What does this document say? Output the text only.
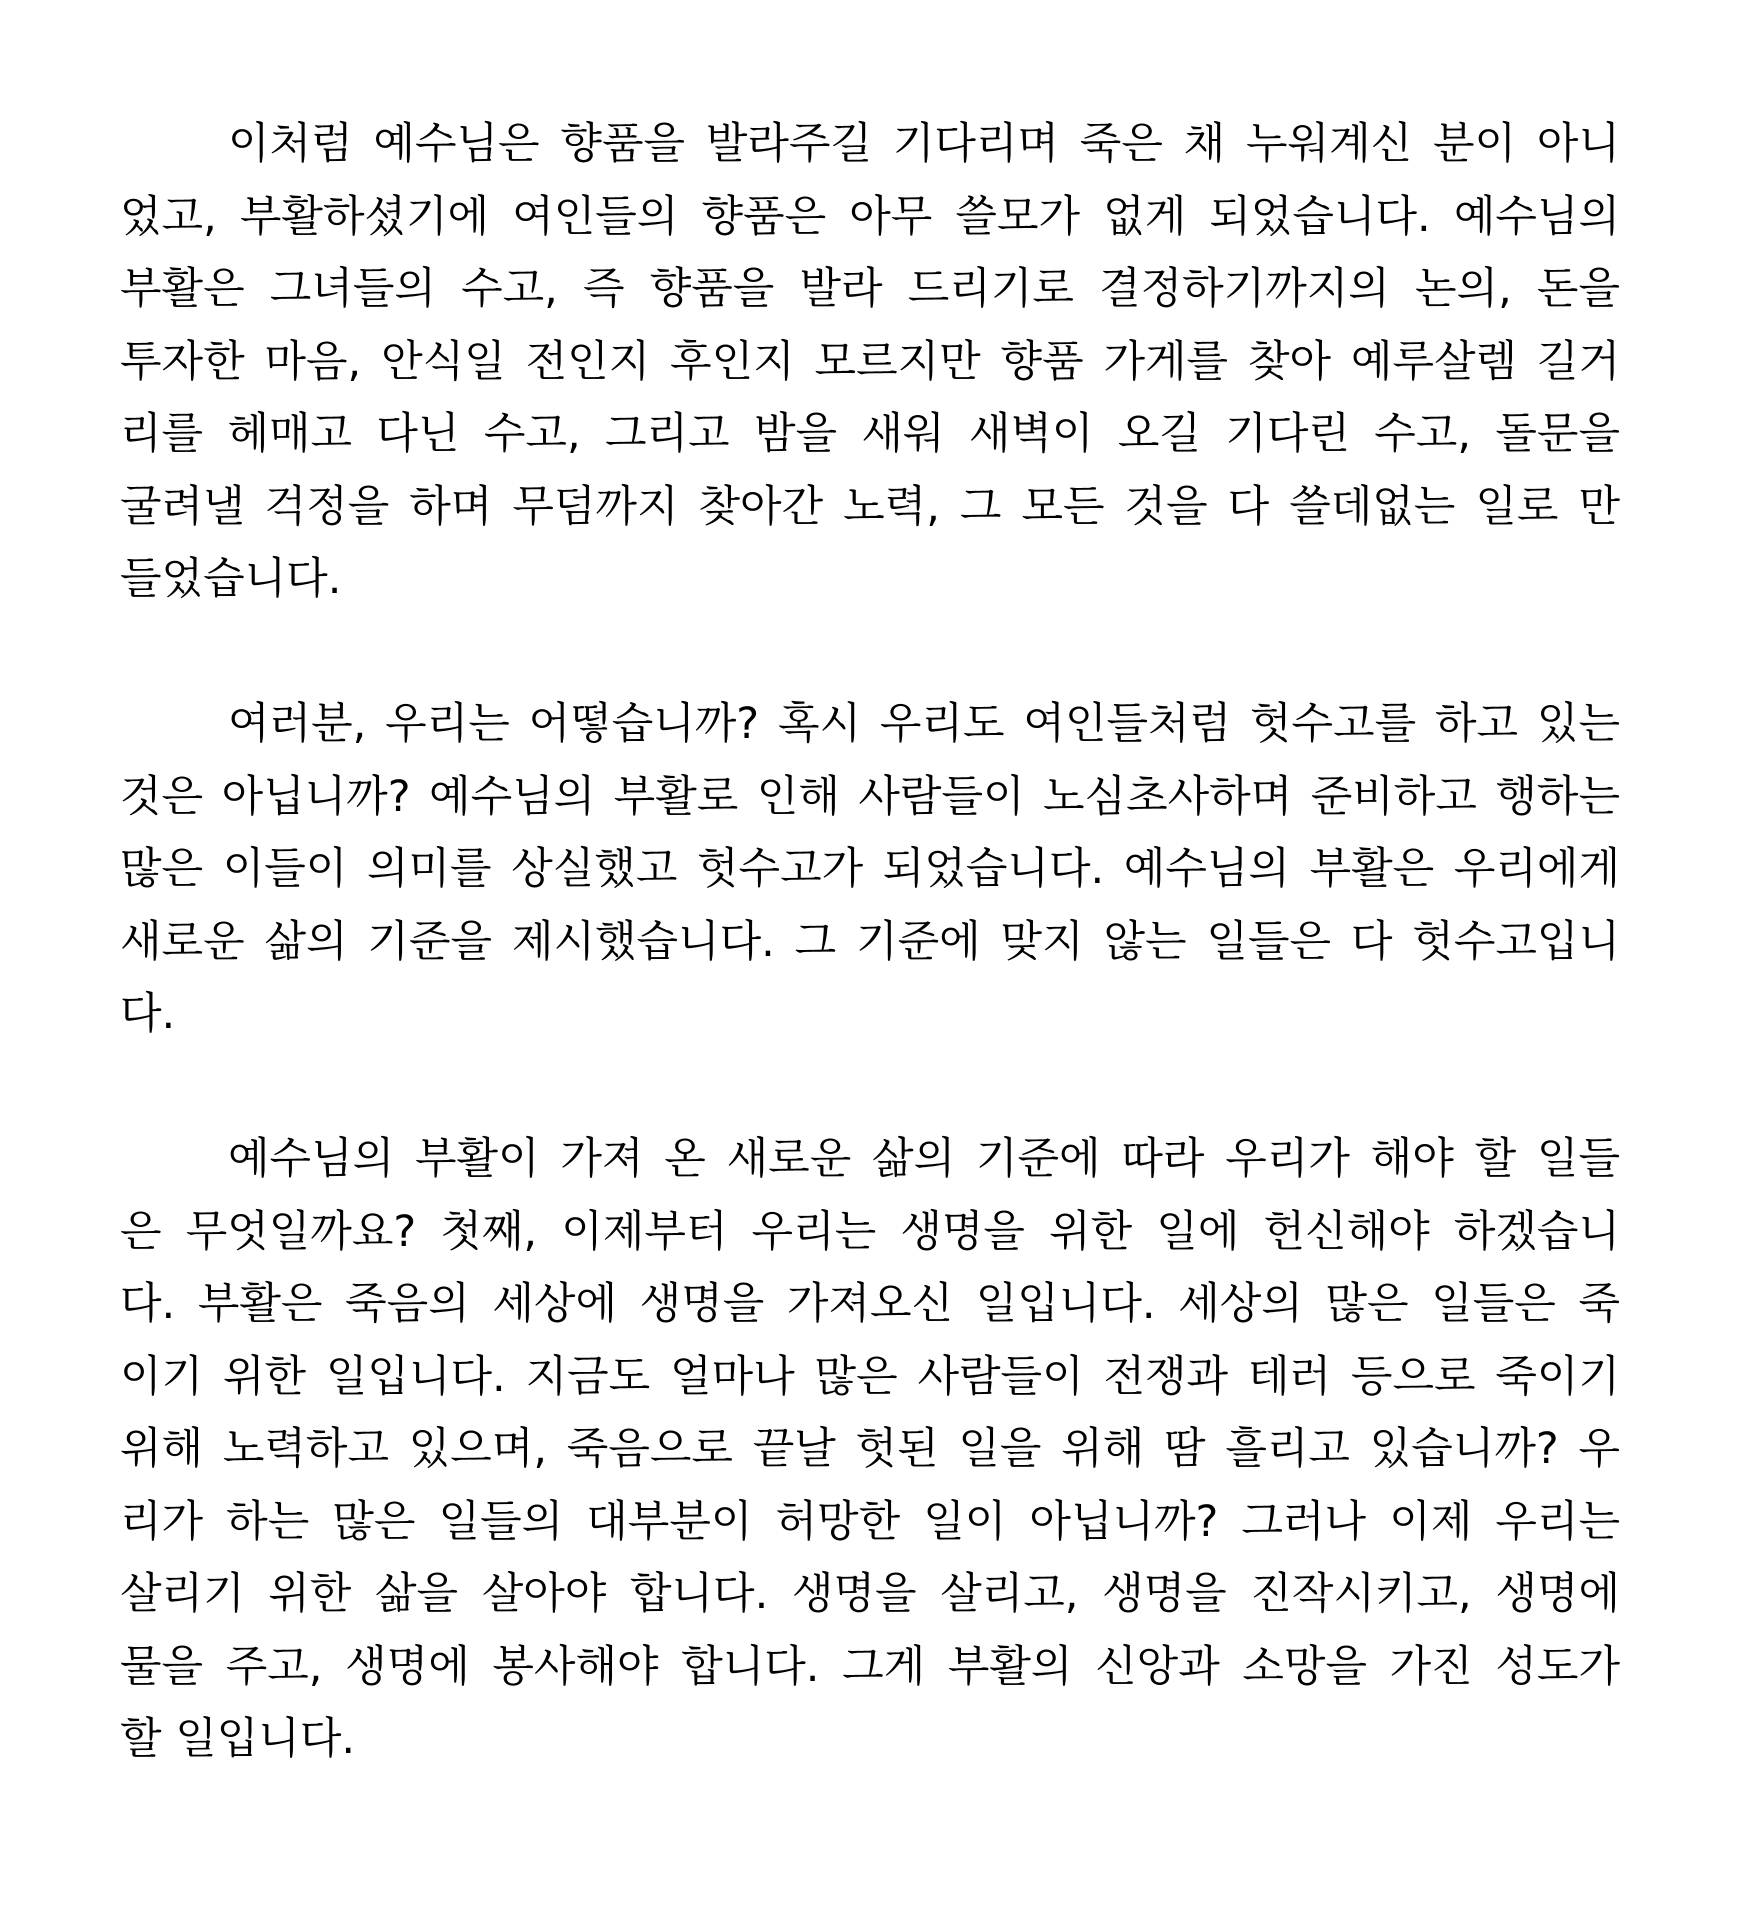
이처럼 예수님은 향품을 발라주길 기다리며 죽은 채 누워계신 분이 아니
었고, 부활하셨기에 여인들의 향품은 아무 쓸모가 없게 되었습니다. 예수님의
부활은 그녀들의 수고, 즉 향품을 발라 드리기로 결정하기까지의 논의, 돈을
투자한 마음, 안식일 전인지 후인지 모르지만 향품 가게를 찾아 예루살렘 길거
리를 헤매고 다닌 수고, 그리고 밤을 새워 새벽이 오길 기다린 수고, 돌문을
굴려낼 걱정을 하며 무덤까지 찾아간 노력, 그 모든 것을 다 쓸데없는 일로 만
들었습니다.
여러분, 우리는 어떻습니까? 혹시 우리도 여인들처럼 헛수고를 하고 있는
것은 아닙니까? 예수님의 부활로 인해 사람들이 노심초사하며 준비하고 행하는
많은 이들이 의미를 상실했고 헛수고가 되었습니다. 예수님의 부활은 우리에게
새로운 삶의 기준을 제시했습니다. 그 기준에 맞지 않는 일들은 다 헛수고입니
다.
예수님의 부활이 가져 온 새로운 삶의 기준에 따라 우리가 해야 할 일들
은 무엇일까요? 첫째, 이제부터 우리는 생명을 위한 일에 헌신해야 하겠습니
다. 부활은 죽음의 세상에 생명을 가져오신 일입니다. 세상의 많은 일들은 죽
이기 위한 일입니다. 지금도 얼마나 많은 사람들이 전쟁과 테러 등으로 죽이기
위해 노력하고 있으며, 죽음으로 끝날 헛된 일을 위해 땀 흘리고 있습니까? 우
리가 하는 많은 일들의 대부분이 허망한 일이 아닙니까? 그러나 이제 우리는
살리기 위한 삶을 살아야 합니다. 생명을 살리고, 생명을 진작시키고, 생명에
물을 주고, 생명에 봉사해야 합니다. 그게 부활의 신앙과 소망을 가진 성도가
할 일입니다.
